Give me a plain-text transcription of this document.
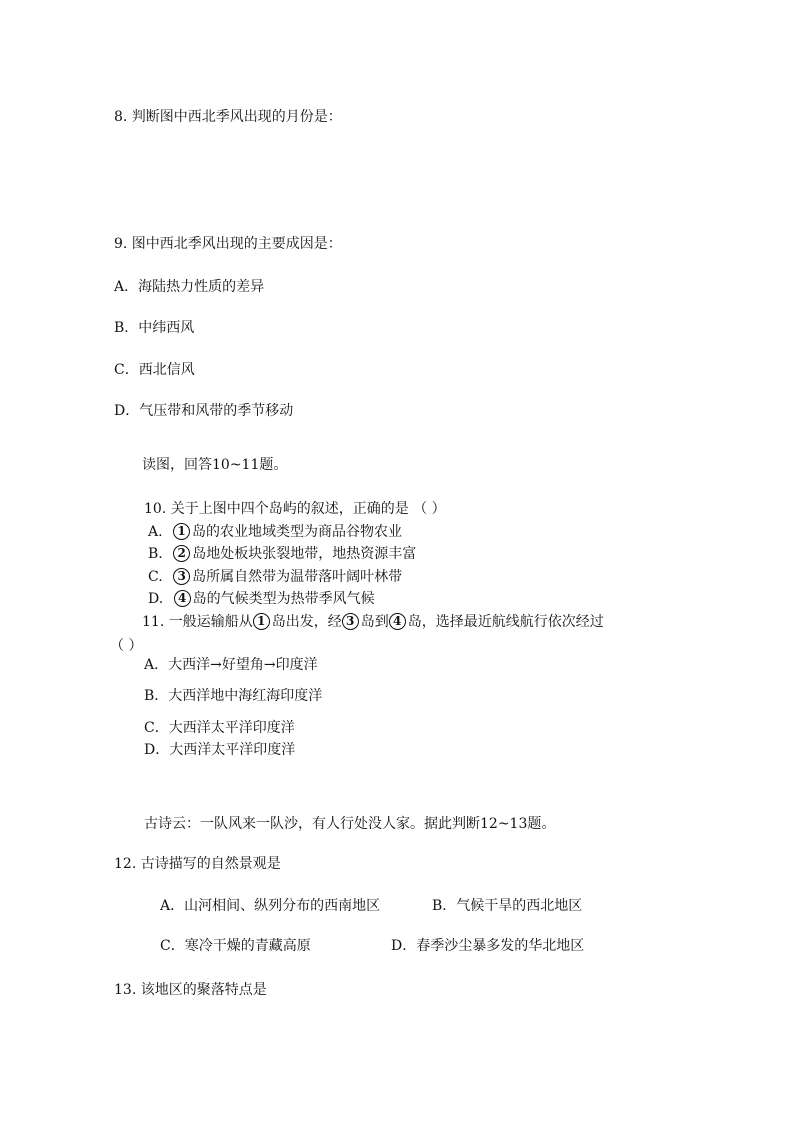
8. 判断图中西北季风出现的月份是：
9. 图中西北季风出现的主要成因是：
A．海陆热力性质的差异
B．中纬西风
C．西北信风
D．气压带和风带的季节移动
读图，回答10~11题。
10. 关于上图中四个岛屿的叙述，正确的是 （ ）
A. 1 岛的农业地域类型为商品谷物农业
B. 2 岛地处板块张裂地带，地热资源丰富
C. 3 岛所属自然带为温带落叶阔叶林带
D. 4 岛的气候类型为热带季风气候
11. 一般运输船从 1 岛出发，经 3 岛到 4 岛，选择最近航线航行依次经过
（ ）
A．大西洋→好望角→印度洋
B．大西洋地中海红海印度洋
C．大西洋太平洋印度洋
D．大西洋太平洋印度洋
古诗云：一队风来一队沙，有人行处没人家。据此判断12~13题。
12. 古诗描写的自然景观是
A．山河相间、纵列分布的西南地区	B．气候干旱的西北地区
C．寒冷干燥的青藏高原	D．春季沙尘暴多发的华北地区
13. 该地区的聚落特点是
